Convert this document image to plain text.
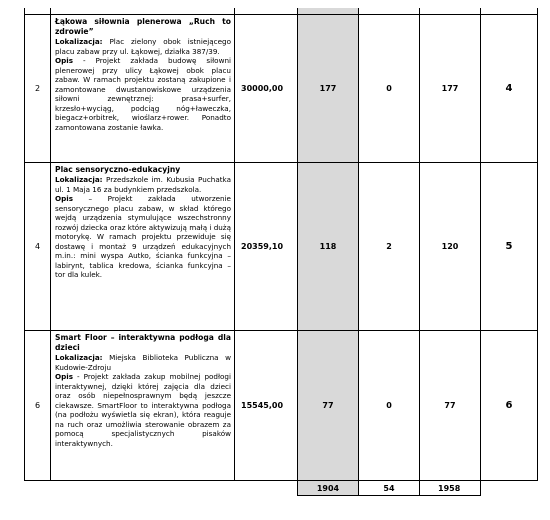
2	Łąkowa siłownia plenerowa „Ruch to zdrowie”
Lokalizacja: Plac zielony obok istniejącego placu zabaw przy ul. Łąkowej, działka 387/39.
Opis - Projekt zakłada budowę siłowni plenerowej przy ulicy Łąkowej obok placu zabaw. W ramach projektu zostaną zakupione i zamontowane dwustanowiskowe urządzenia siłowni zewnętrznej: prasa+surfer, krzesło+wyciąg, podciąg nóg+ławeczka, biegacz+orbitrek, wioślarz+rower. Ponadto zamontowana zostanie ławka.	30000,00	177	0	177	4
4	Plac sensoryczno-edukacyjny
Lokalizacja: Przedszkole im. Kubusia Puchatka ul. 1 Maja 16 za budynkiem przedszkola.
Opis – Projekt zakłada utworzenie sensorycznego placu zabaw, w skład którego wejdą urządzenia stymulujące wszechstronny rozwój dziecka oraz które aktywizują małą i dużą motorykę. W ramach projektu przewiduje się dostawę i montaż 9 urządzeń edukacyjnych m.in.: mini wyspa Autko, ścianka funkcyjna – labirynt, tablica kredowa, ścianka funkcyjna – tor dla kulek.	20359,10	118	2	120	5
6	Smart Floor – interaktywna podłoga dla dzieci
Lokalizacja: Miejska Biblioteka Publiczna w Kudowie-Zdroju
Opis - Projekt zakłada zakup mobilnej podłogi interaktywnej, dzięki której zajęcia dla dzieci oraz osób niepełnosprawnym będą jeszcze ciekawsze. SmartFloor to interaktywna podłoga (na podłożu wyświetla się ekran), która reaguje na ruch oraz umożliwia sterowanie obrazem za pomocą specjalistycznych pisaków interaktywnych.	15545,00	77	0	77	6
			1904	54	1958	
